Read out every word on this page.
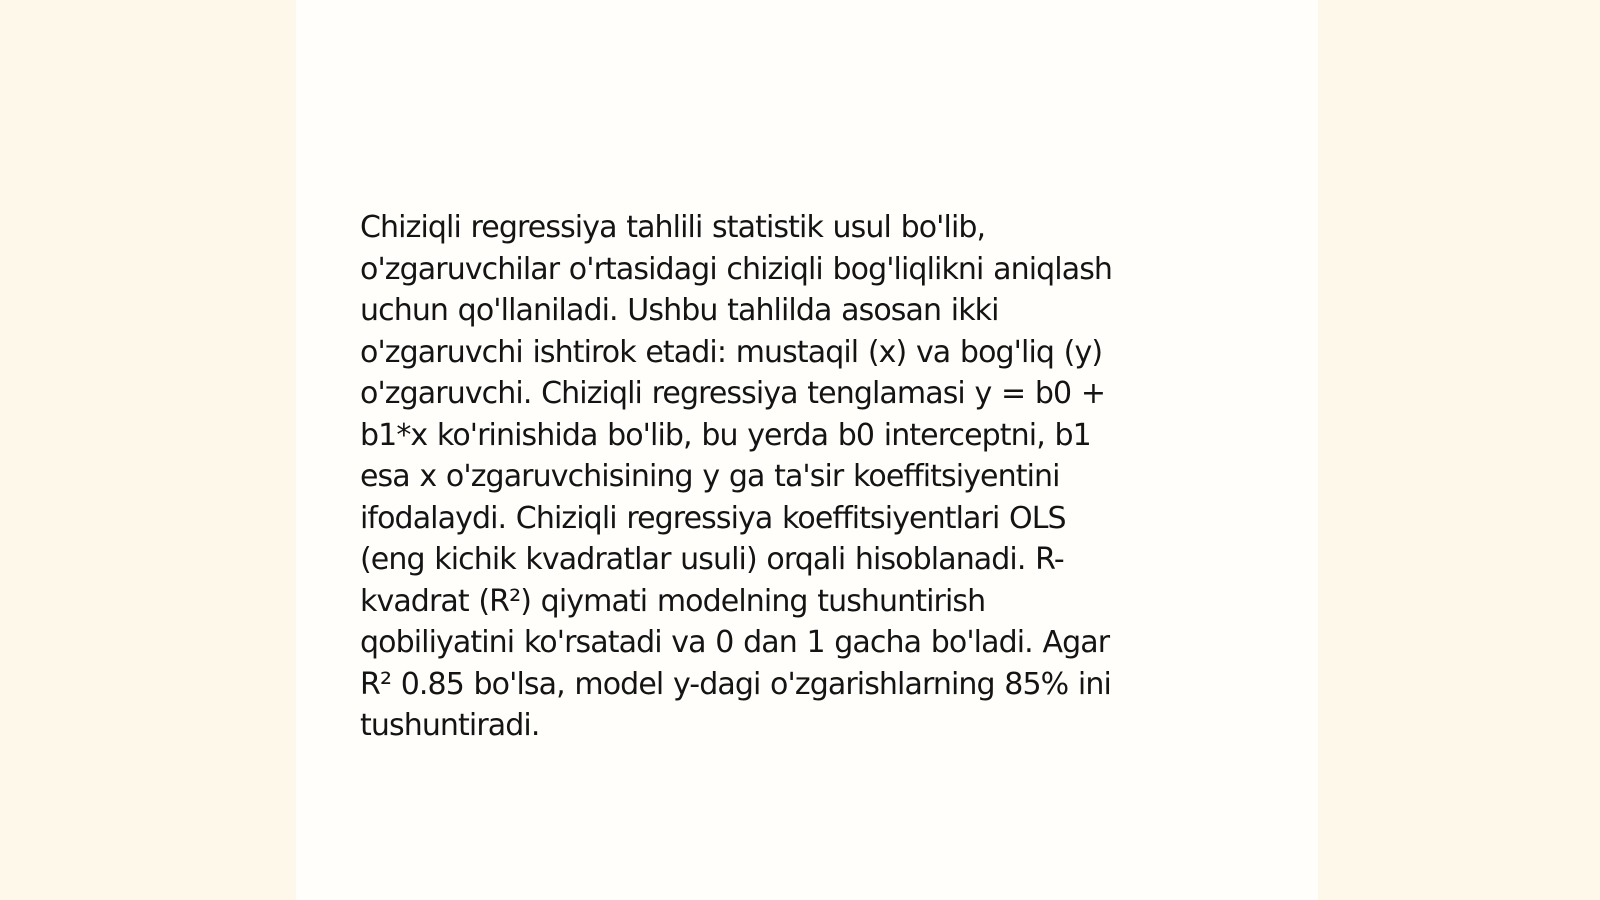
Chiziqli regressiya tahlili statistik usul bo'lib,
o'zgaruvchilar o'rtasidagi chiziqli bog'liqlikni aniqlash
uchun qo'llaniladi. Ushbu tahlilda asosan ikki
o'zgaruvchi ishtirok etadi: mustaqil (x) va bog'liq (y)
o'zgaruvchi. Chiziqli regressiya tenglamasi y = b0 +
b1*x ko'rinishida bo'lib, bu yerda b0 interceptni, b1
esa x o'zgaruvchisining y ga ta'sir koeffitsiyentini
ifodalaydi. Chiziqli regressiya koeffitsiyentlari OLS
(eng kichik kvadratlar usuli) orqali hisoblanadi. R-
kvadrat (R²) qiymati modelning tushuntirish
qobiliyatini ko'rsatadi va 0 dan 1 gacha bo'ladi. Agar
R² 0.85 bo'lsa, model y-dagi o'zgarishlarning 85% ini
tushuntiradi.
